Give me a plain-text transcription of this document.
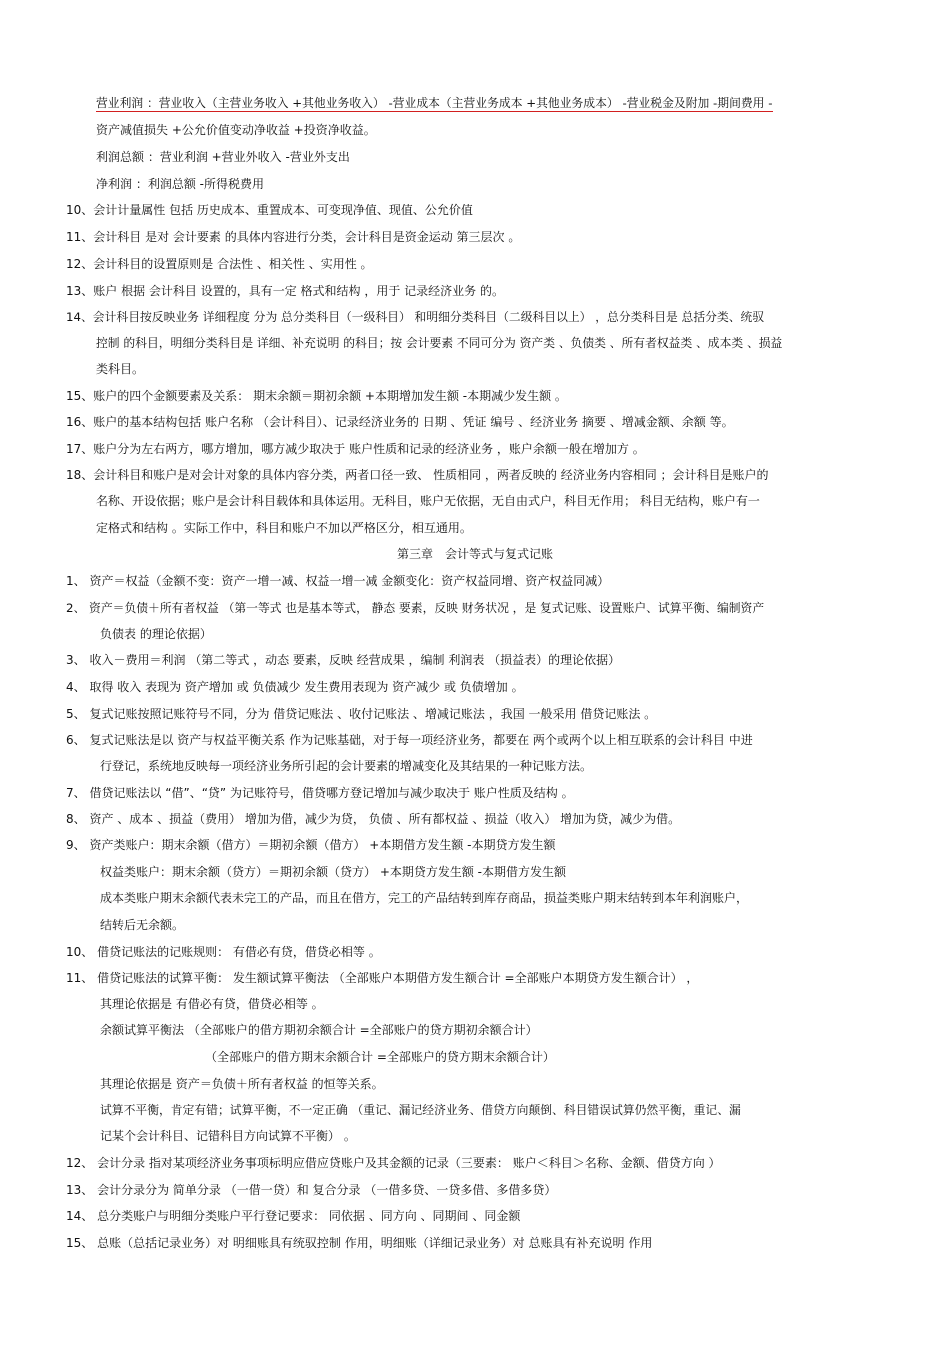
营业利润 ：营业收入（主营业务收入 +其他业务收入） -营业成本（主营业务成本 +其他业务成本） -营业税金及附加 -期间费用 -
资产减值损失 +公允价值变动净收益 +投资净收益。
利润总额 ：营业利润 +营业外收入 -营业外支出
净利润 ：利润总额 -所得税费用
10、会计计量属性 包括 历史成本、重置成本、可变现净值、现值、公允价值
11、会计科目 是对 会计要素 的具体内容进行分类，会计科目是资金运动 第三层次 。
12、会计科目的设置原则是 合法性 、相关性 、实用性 。
13、账户 根据 会计科目 设置的，具有一定 格式和结构 ，用于 记录经济业务 的。
14、会计科目按反映业务 详细程度 分为 总分类科目（一级科目） 和明细分类科目（二级科目以上） ，总分类科目是 总括分类、统驭
控制 的科目，明细分类科目是 详细、补充说明 的科目；按 会计要素 不同可分为 资产类 、负债类 、所有者权益类 、成本类 、损益
类科目。
15、账户的四个金额要素及关系： 期末余额＝期初余额 +本期增加发生额 -本期减少发生额 。
16、账户的基本结构包括 账户名称 （会计科目）、记录经济业务的 日期 、凭证 编号 、经济业务 摘要 、增减金额、余额 等。
17、账户分为左右两方，哪方增加，哪方减少取决于 账户性质和记录的经济业务 ，账户余额一般在增加方 。
18、会计科目和账户是对会计对象的具体内容分类，两者口径一致、 性质相同 ，两者反映的 经济业务内容相同 ；会计科目是账户的
名称、开设依据；账户是会计科目载体和具体运用。无科目，账户无依据，无自由式户，科目无作用； 科目无结构，账户有一
定格式和结构 。实际工作中，科目和账户不加以严格区分，相互通用。
第三章　会计等式与复式记账
1、 资产＝权益（金额不变：资产一增一减、权益一增一减 金额变化：资产权益同增、资产权益同减）
2、 资产＝负债＋所有者权益 （第一等式 也是基本等式， 静态 要素，反映 财务状况 ，是 复式记账、设置账户、试算平衡、编制资产
负债表 的理论依据）
3、 收入－费用＝利润 （第二等式 ，动态 要素，反映 经营成果 ，编制 利润表 （损益表）的理论依据）
4、 取得 收入 表现为 资产增加 或 负债减少 发生费用表现为 资产减少 或 负债增加 。
5、 复式记账按照记账符号不同，分为 借贷记账法 、收付记账法 、增减记账法 ，我国 一般采用 借贷记账法 。
6、 复式记账法是以 资产与权益平衡关系 作为记账基础，对于每一项经济业务，都要在 两个或两个以上相互联系的会计科目 中进
行登记，系统地反映每一项经济业务所引起的会计要素的增减变化及其结果的一种记账方法。
7、 借贷记账法以 “借”、“贷” 为记账符号，借贷哪方登记增加与减少取决于 账户性质及结构 。
8、 资产 、成本 、损益（费用） 增加为借，减少为贷， 负债 、所有都权益 、损益（收入） 增加为贷，减少为借。
9、 资产类账户：期末余额（借方）＝期初余额（借方） +本期借方发生额 -本期贷方发生额
权益类账户：期末余额（贷方）＝期初余额（贷方） +本期贷方发生额 -本期借方发生额
成本类账户期末余额代表未完工的产品，而且在借方，完工的产品结转到库存商品，损益类账户期末结转到本年利润账户，
结转后无余额。
10、 借贷记账法的记账规则： 有借必有贷，借贷必相等 。
11、 借贷记账法的试算平衡： 发生额试算平衡法 （全部账户本期借方发生额合计 =全部账户本期贷方发生额合计） ，
其理论依据是 有借必有贷，借贷必相等 。
余额试算平衡法 （全部账户的借方期初余额合计 =全部账户的贷方期初余额合计）
（全部账户的借方期末余额合计 =全部账户的贷方期末余额合计）
其理论依据是 资产＝负债＋所有者权益 的恒等关系。
试算不平衡，肯定有错；试算平衡，不一定正确 （重记、漏记经济业务、借贷方向颠倒、科目错误试算仍然平衡，重记、漏
记某个会计科目、记错科目方向试算不平衡） 。
12、 会计分录 指对某项经济业务事项标明应借应贷账户及其金额的记录（三要素： 账户＜科目＞名称、金额、借贷方向 ）
13、 会计分录分为 简单分录 （一借一贷）和 复合分录 （一借多贷、一贷多借、多借多贷）
14、 总分类账户与明细分类账户平行登记要求： 同依据 、同方向 、同期间 、同金额
15、 总账（总括记录业务）对 明细账具有统驭控制 作用，明细账（详细记录业务）对 总账具有补充说明 作用
